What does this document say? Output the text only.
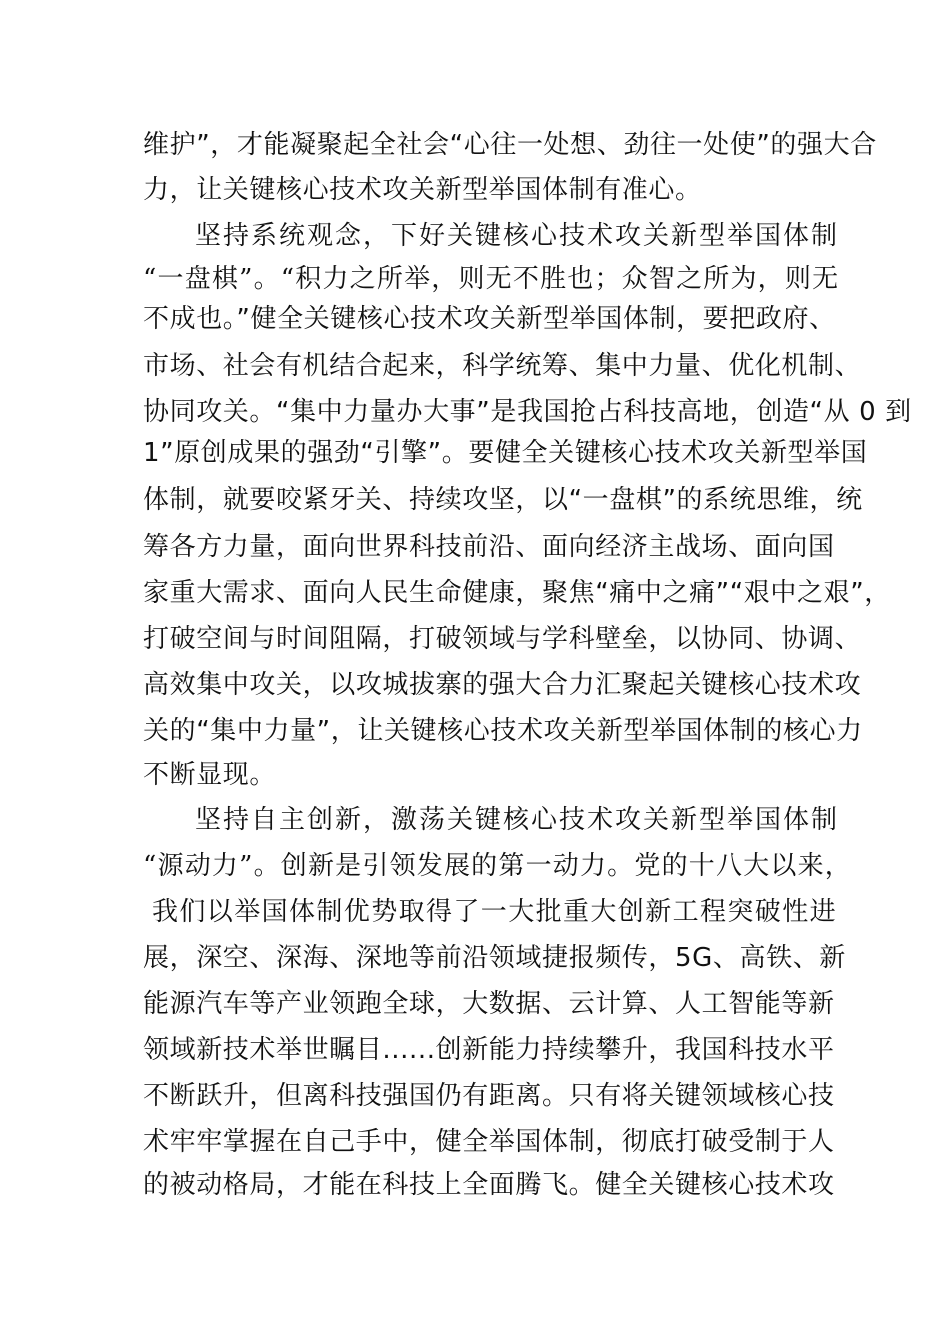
维护”，才能凝聚起全社会“心往一处想、劲往一处使”的强大合
力，让关键核心技术攻关新型举国体制有准心。
坚持系统观念，下好关键核心技术攻关新型举国体制
“一盘棋”。“积力之所举，则无不胜也；众智之所为，则无
不成也。”健全关键核心技术攻关新型举国体制，要把政府、
市场、社会有机结合起来，科学统筹、集中力量、优化机制、
协同攻关。“集中力量办大事”是我国抢占科技高地，创造“从 0 到
1”原创成果的强劲“引擎”。要健全关键核心技术攻关新型举国
体制，就要咬紧牙关、持续攻坚，以“一盘棋”的系统思维，统
筹各方力量，面向世界科技前沿、面向经济主战场、面向国
家重大需求、面向人民生命健康，聚焦“痛中之痛”“艰中之艰”，
打破空间与时间阻隔，打破领域与学科壁垒，以协同、协调、
高效集中攻关，以攻城拔寨的强大合力汇聚起关键核心技术攻
关的“集中力量”，让关键核心技术攻关新型举国体制的核心力
不断显现。
坚持自主创新，激荡关键核心技术攻关新型举国体制
“源动力”。创新是引领发展的第一动力。党的十八大以来，
我们以举国体制优势取得了一大批重大创新工程突破性进
展，深空、深海、深地等前沿领域捷报频传，5G、高铁、新
能源汽车等产业领跑全球，大数据、云计算、人工智能等新
领域新技术举世瞩目......创新能力持续攀升，我国科技水平
不断跃升，但离科技强国仍有距离。只有将关键领域核心技
术牢牢掌握在自己手中，健全举国体制，彻底打破受制于人
的被动格局，才能在科技上全面腾飞。健全关键核心技术攻
